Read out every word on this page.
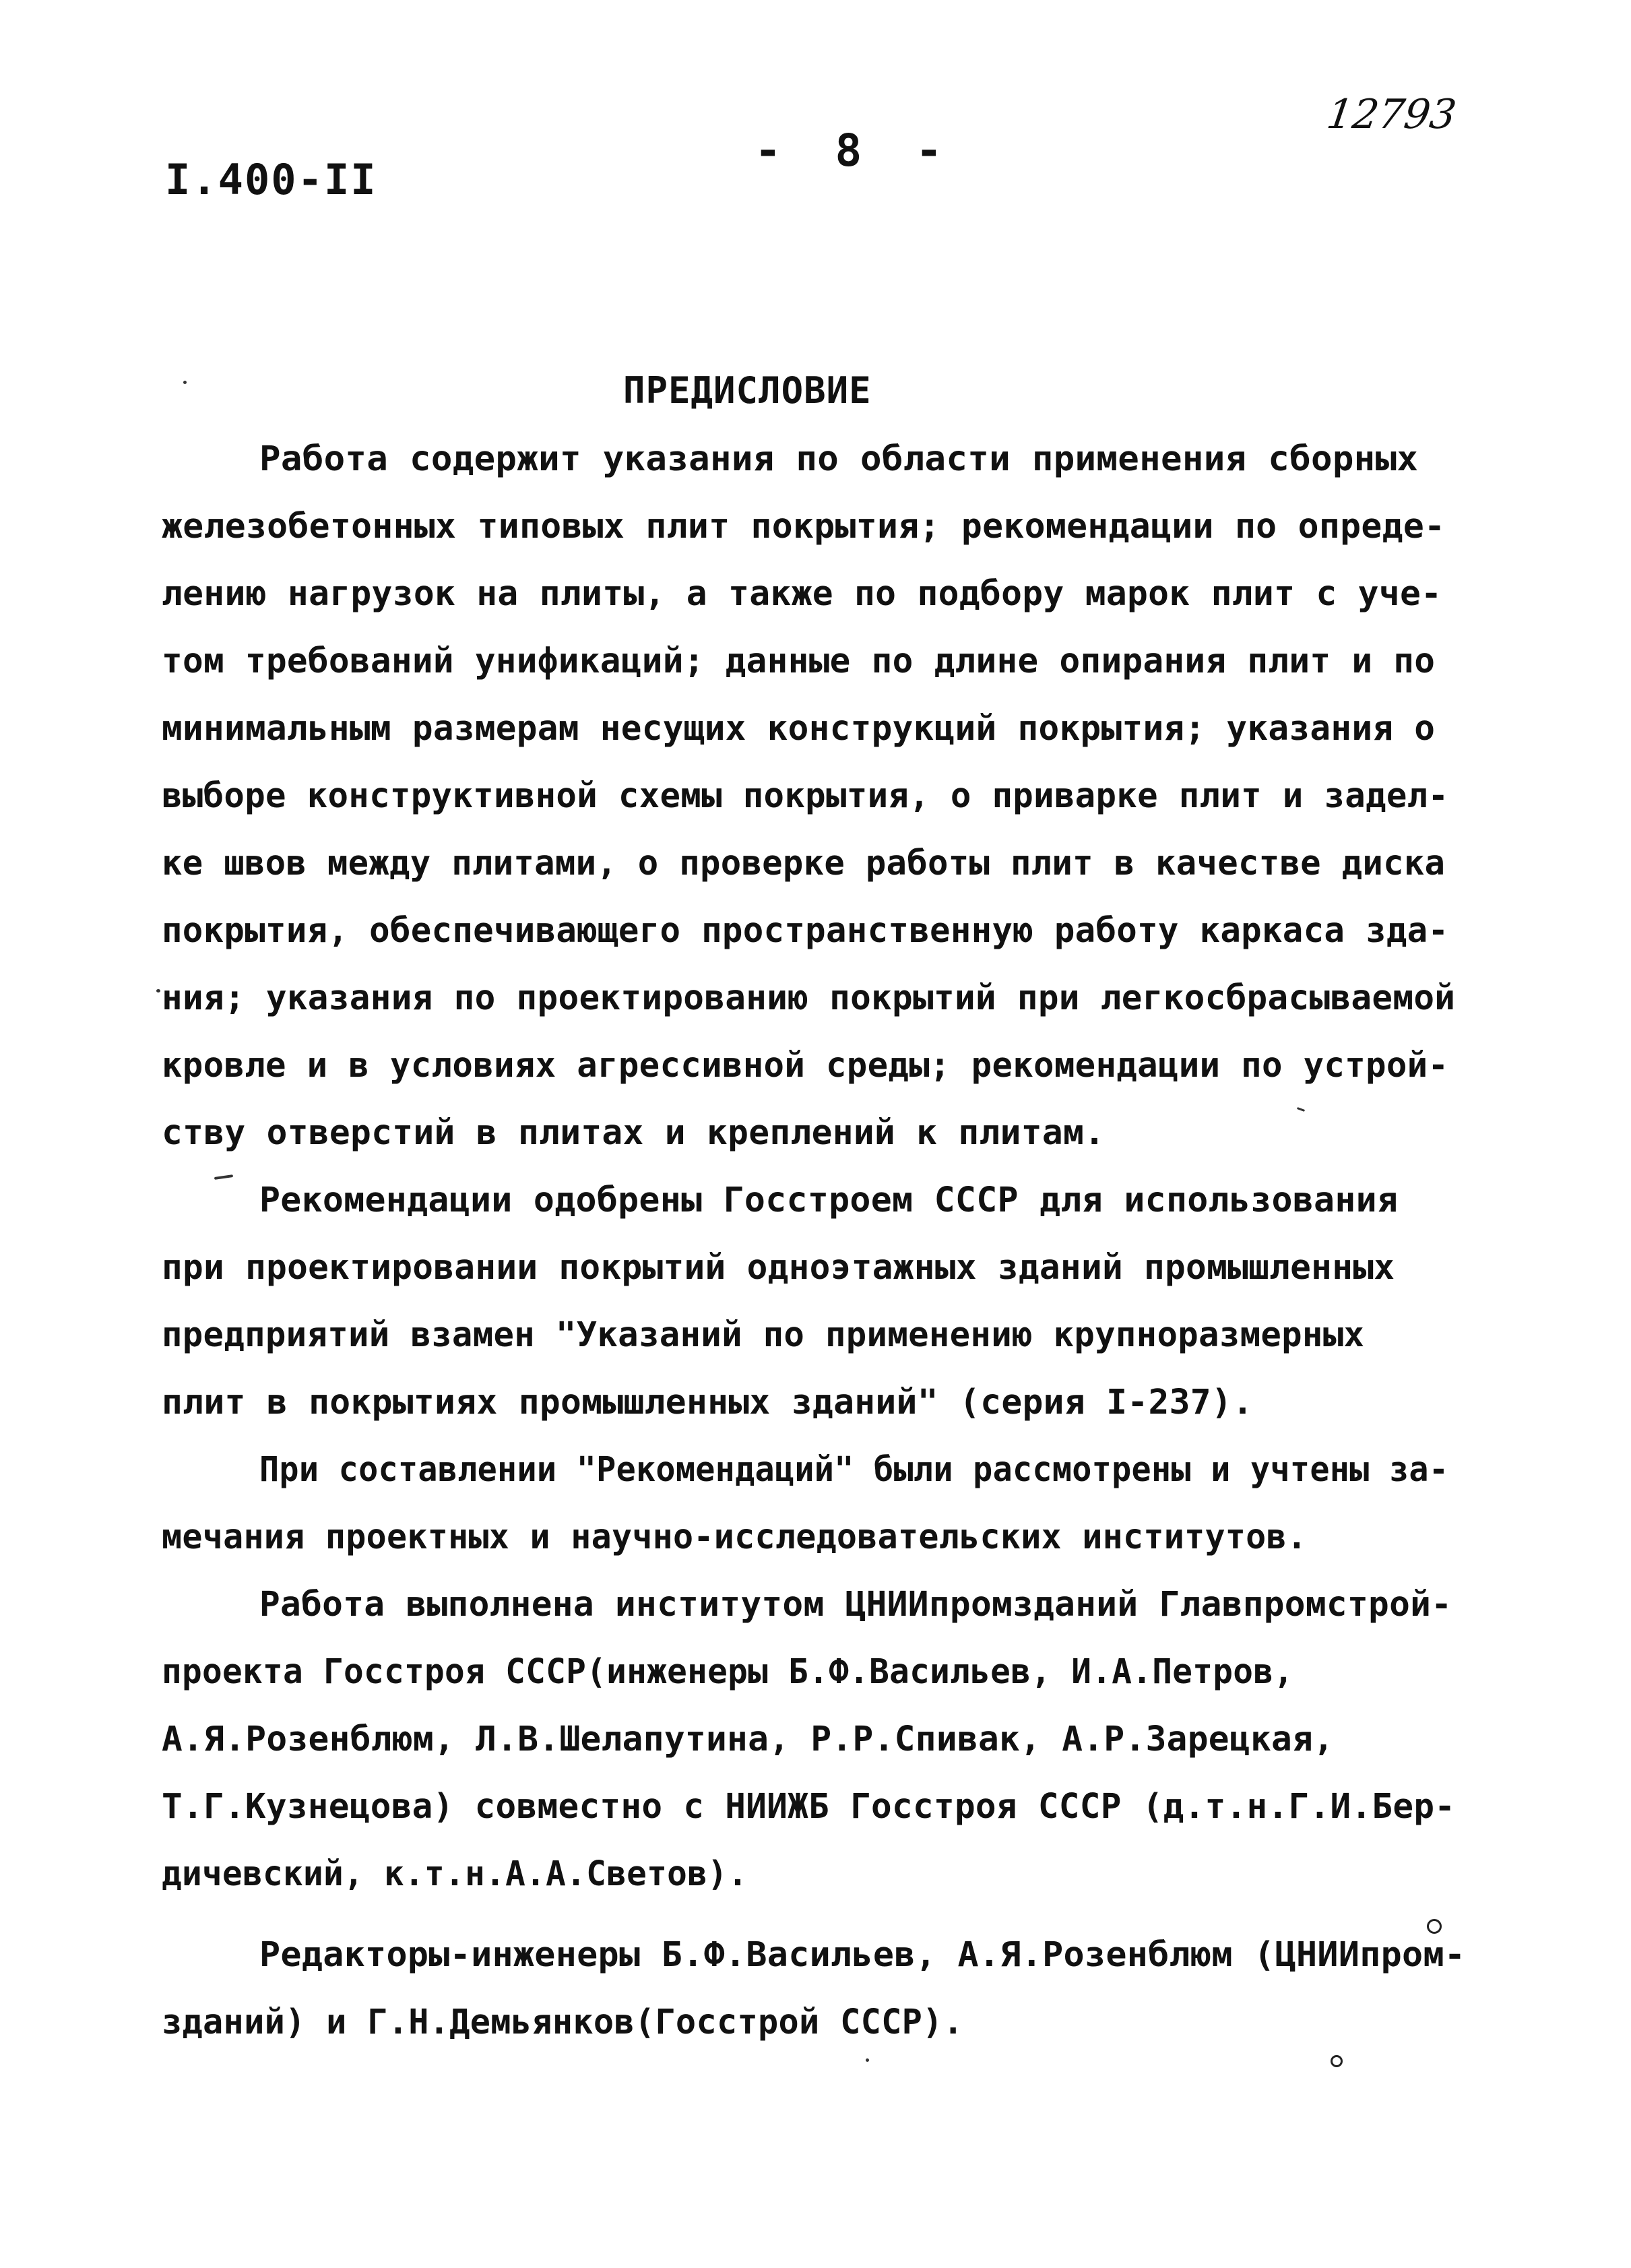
I.400-II
- 8 -
12793
ПРЕДИСЛОВИЕ
Работа содержит указания по области применения сборных
железобетонных типовых плит покрытия; рекомендации по опреде-
лению нагрузок на плиты, а также по подбору марок плит с уче-
том требований унификаций; данные по длине опирания плит и по
минимальным размерам несущих конструкций покрытия; указания о
выборе конструктивной схемы покрытия, о приварке плит и задел-
ке швов между плитами, о проверке работы плит в качестве диска
покрытия, обеспечивающего пространственную работу каркаса зда-
ния; указания по проектированию покрытий при легкосбрасываемой
кровле и в условиях агрессивной среды; рекомендации по устрой-
ству отверстий в плитах и креплений к плитам.
Рекомендации одобрены Госстроем СССР для использования
при проектировании покрытий одноэтажных зданий промышленных
предприятий взамен "Указаний по применению крупноразмерных
плит в покрытиях промышленных зданий" (серия I-237).
При составлении "Рекомендаций" были рассмотрены и учтены за-
мечания проектных и научно-исследовательских институтов.
Работа выполнена институтом ЦНИИпромзданий Главпромстрой-
проекта Госстроя СССР(инженеры Б.Ф.Васильев, И.А.Петров,
А.Я.Розенблюм, Л.В.Шелапутина, Р.Р.Спивак, А.Р.Зарецкая,
Т.Г.Кузнецова) совместно с НИИЖБ Госстроя СССР (д.т.н.Г.И.Бер-
дичевский, к.т.н.А.А.Светов).
Редакторы-инженеры Б.Ф.Васильев, А.Я.Розенблюм (ЦНИИпром-
зданий) и Г.Н.Демьянков(Госстрой СССР).
